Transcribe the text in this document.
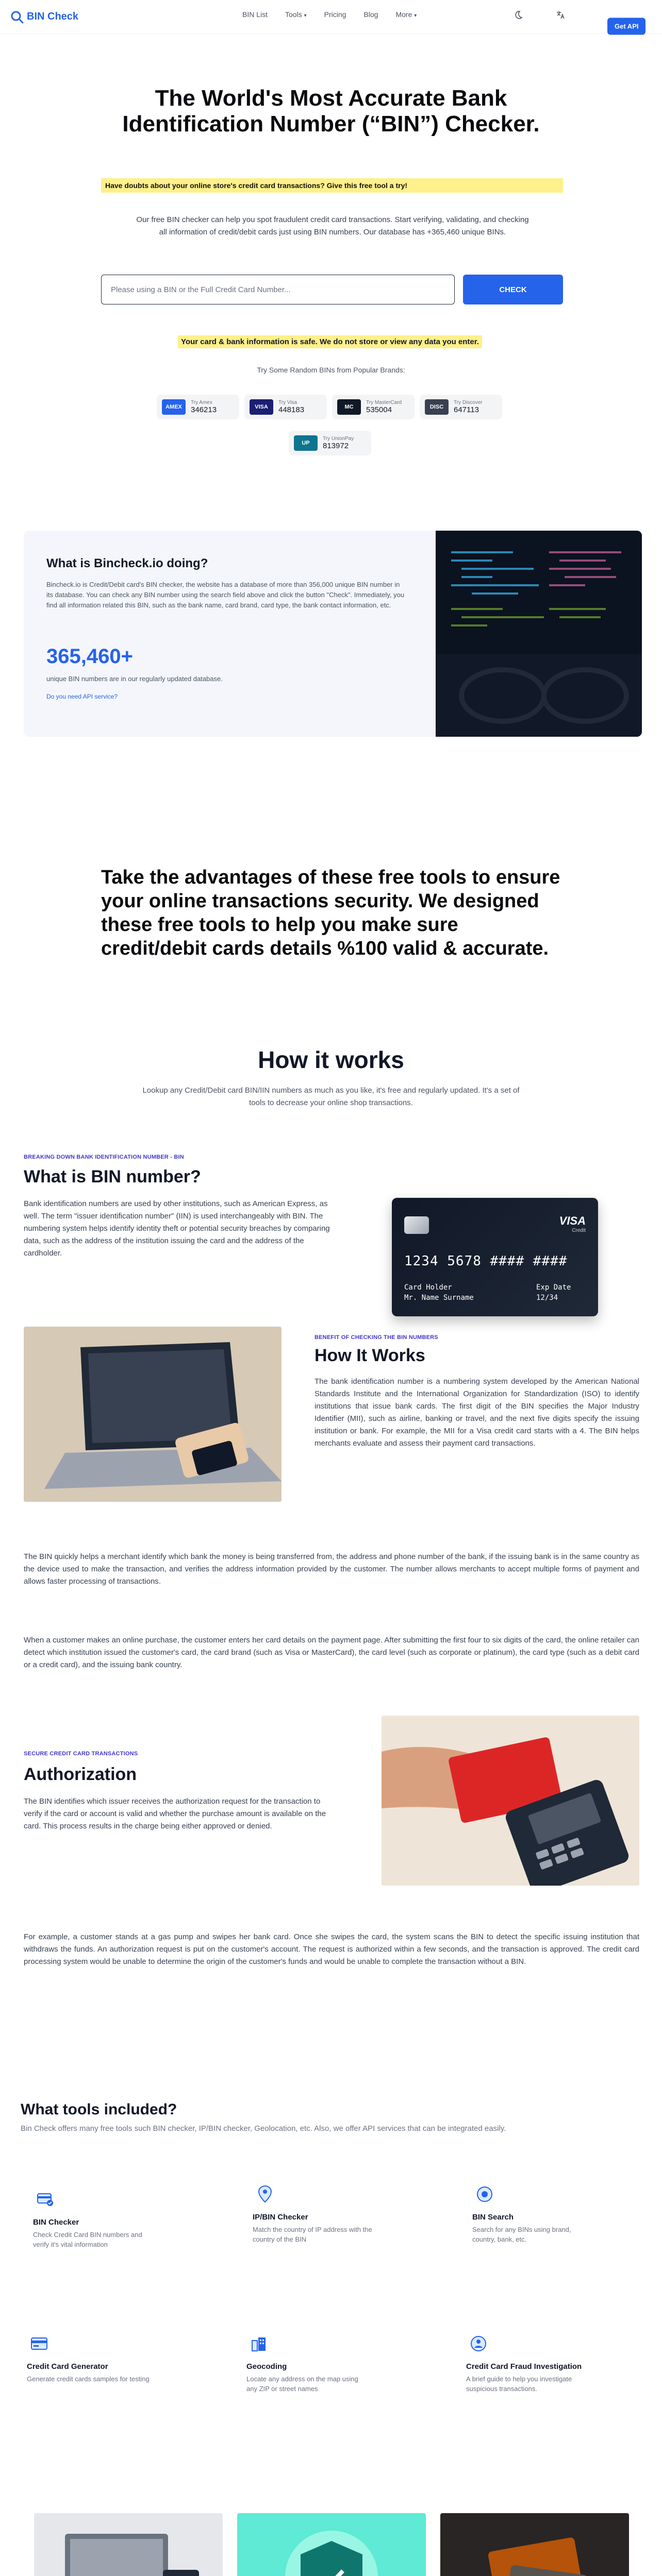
BIN Check	BIN List Tools ▾ Pricing Blog More ▾
Get API
The World's Most Accurate Bank Identification Number (“BIN”) Checker.
Have doubts about your online store's credit card transactions? Give this free tool a try!

Our free BIN checker can help you spot fraudulent credit card transactions. Start verifying, validating, and checking all information of credit/debit cards just using BIN numbers. Our database has +365,460 unique BINs.

Please using a BIN or the Full Credit Card Number...
CHECK
Your card & bank information is safe. We do not store or view any data you enter.
Try Some Random BINs from Popular Brands:
AMEX
Try Amex
346213	VISA
Try Visa
448183	MC
Try MasterCard
535004	DISC
Try Discover
647113
UP
Try UnionPay
813972
What is Bincheck.io doing?

Bincheck.io is Credit/Debit card's BIN checker, the website has a database of more than 356,000 unique BIN number in its database. You can check any BIN number using the search field above and click the button "Check". Immediately, you find all information related this BIN, such as the bank name, card brand, card type, the bank contact information, etc.

365,460+
unique BIN numbers are in our regularly updated database.
Do you need API service?
Take the advantages of these free tools to ensure your online transactions security. We designed these free tools to help you make sure credit/debit cards details %100 valid & accurate.
How it works

Lookup any Credit/Debit card BIN/IIN numbers as much as you like, it's free and regularly updated. It's a set of tools to decrease your online shop transactions.

BREAKING DOWN BANK IDENTIFICATION NUMBER - BIN
What is BIN number?

Bank identification numbers are used by other institutions, such as American Express, as well. The term "issuer identification number" (IIN) is used interchangeably with BIN. The numbering system helps identify identity theft or potential security breaches by comparing data, such as the address of the institution issuing the card and the address of the cardholder.

VISA
Credit
1234 5678 #### ####
Card Holder
Mr. Name Surname
Exp Date
12/34
BENEFIT OF CHECKING THE BIN NUMBERS
How It Works

The bank identification number is a numbering system developed by the American National Standards Institute and the International Organization for Standardization (ISO) to identify institutions that issue bank cards. The first digit of the BIN specifies the Major Industry Identifier (MII), such as airline, banking or travel, and the next five digits specify the issuing institution or bank. For example, the MII for a Visa credit card starts with a 4. The BIN helps merchants evaluate and assess their payment card transactions.

The BIN quickly helps a merchant identify which bank the money is being transferred from, the address and phone number of the bank, if the issuing bank is in the same country as the device used to make the transaction, and verifies the address information provided by the customer. The number allows merchants to accept multiple forms of payment and allows faster processing of transactions.

When a customer makes an online purchase, the customer enters her card details on the payment page. After submitting the first four to six digits of the card, the online retailer can detect which institution issued the customer's card, the card brand (such as Visa or MasterCard), the card level (such as corporate or platinum), the card type (such as a debit card or a credit card), and the issuing bank country.

SECURE CREDIT CARD TRANSACTIONS
Authorization

The BIN identifies which issuer receives the authorization request for the transaction to verify if the card or account is valid and whether the purchase amount is available on the card. This process results in the charge being either approved or denied.

For example, a customer stands at a gas pump and swipes her bank card. Once she swipes the card, the system scans the BIN to detect the specific issuing institution that withdraws the funds. An authorization request is put on the customer's account. The request is authorized within a few seconds, and the transaction is approved. The credit card processing system would be unable to determine the origin of the customer's funds and would be unable to complete the transaction without a BIN.

What tools included?

Bin Check offers many free tools such BIN checker, IP/BIN checker, Geolocation, etc. Also, we offer API services that can be integrated easily.

BIN Checker
Check Credit Card BIN numbers and verify it's vital information
IP/BIN Checker
Match the country of IP address with the country of the BIN
BIN Search
Search for any BINs using brand, country, bank, etc.
Credit Card Generator
Generate credit cards samples for testing
Geocoding
Locate any address on the map using any ZIP or street names
Credit Card Fraud Investigation
A brief guide to help you investigate suspicious transactions.
